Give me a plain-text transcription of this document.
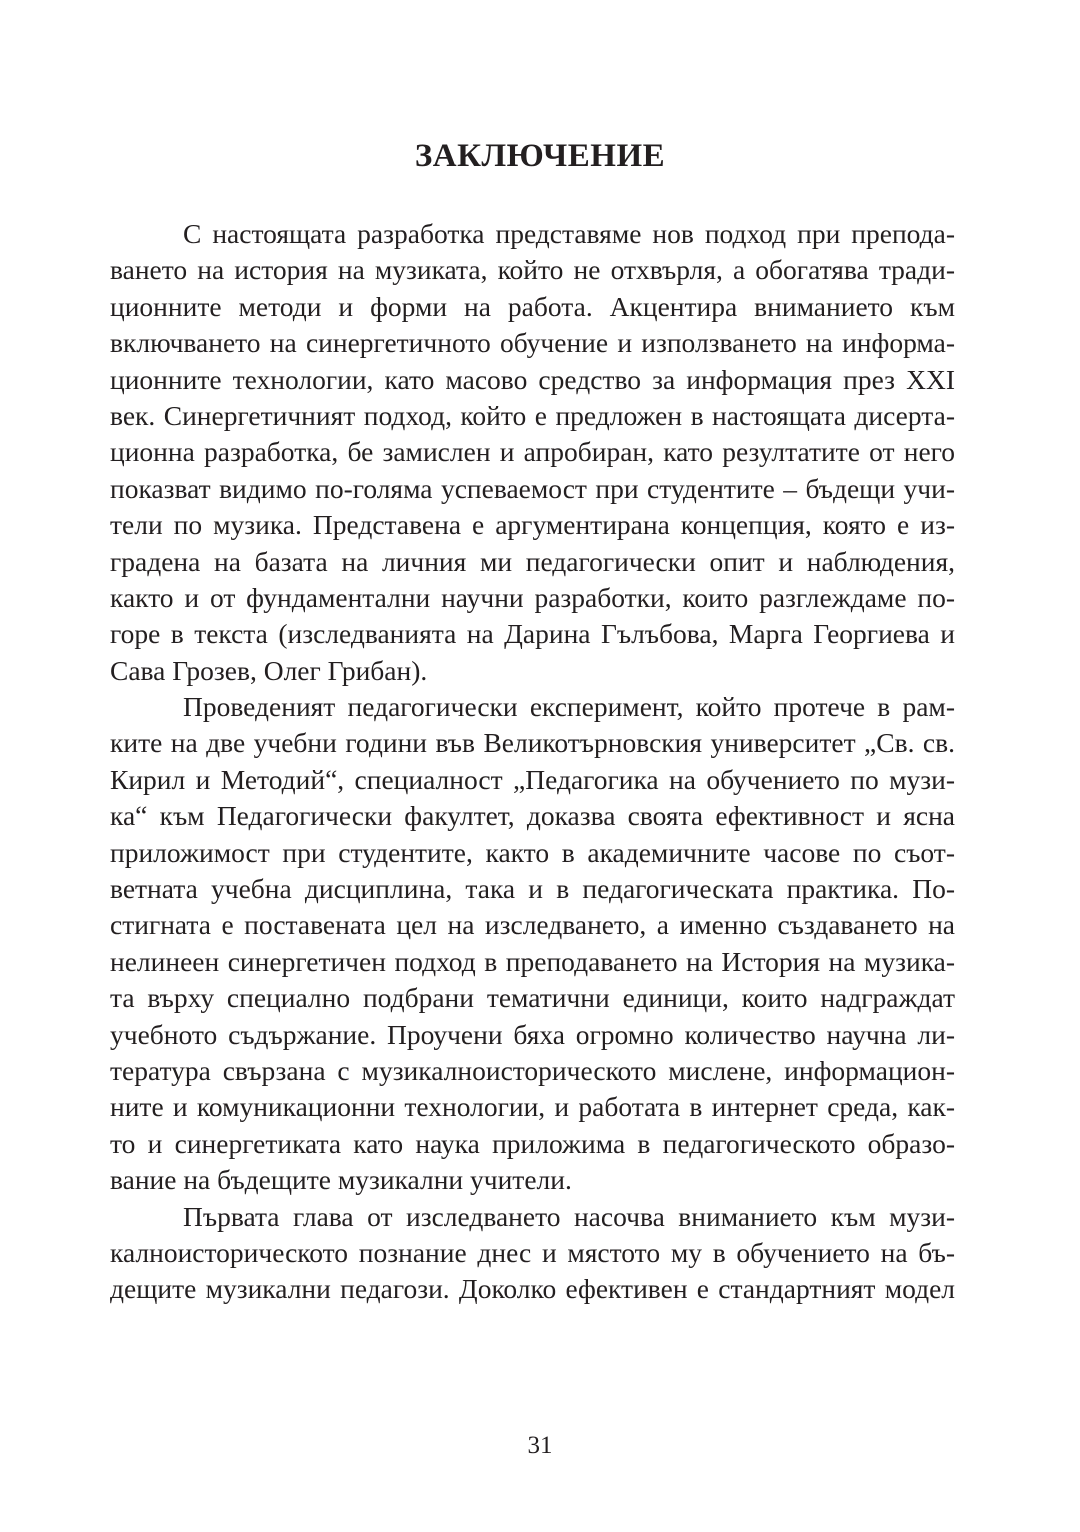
ЗАКЛЮЧЕНИЕ

С настоящата разработка представяме нов подход при препода-
ването на история на музиката, който не отхвърля, а обогатява тради-
ционните методи и форми на работа. Акцентира вниманието към
включването на синергетичното обучение и използването на информа-
ционните технологии, като масово средство за информация през XXI
век. Синергетичният подход, който е предложен в настоящата дисерта-
ционна разработка, бе замислен и апробиран, като резултатите от него
показват видимо по-голяма успеваемост при студентите – бъдещи учи-
тели по музика. Представена е аргументирана концепция, която е из-
градена на базата на личния ми педагогически опит и наблюдения,
както и от фундаментални научни разработки, които разглеждаме по-
горе в текста (изследванията на Дарина Гълъбова, Марга Георгиева и
Сава Грозев, Олег Грибан).

Проведеният педагогически експеримент, който протече в рам-
ките на две учебни години във Великотърновския университет „Св. св.
Кирил и Методий“, специалност „Педагогика на обучението по музи-
ка“ към Педагогически факултет, доказва своята ефективност и ясна
приложимост при студентите, както в академичните часове по съот-
ветната учебна дисциплина, така и в педагогическата практика. По-
стигната е поставената цел на изследването, а именно създаването на
нелинеен синергетичен подход в преподаването на История на музика-
та върху специално подбрани тематични единици, които надграждат
учебното съдържание. Проучени бяха огромно количество научна ли-
тература свързана с музикалноисторическото мислене, информацион-
ните и комуникационни технологии, и работата в интернет среда, как-
то и синергетиката като наука приложима в педагогическото образо-
вание на бъдещите музикални учители.

Първата глава от изследването насочва вниманието към музи-
калноисторическото познание днес и мястото му в обучението на бъ-
дещите музикални педагози. Доколко ефективен е стандартният модел

31
